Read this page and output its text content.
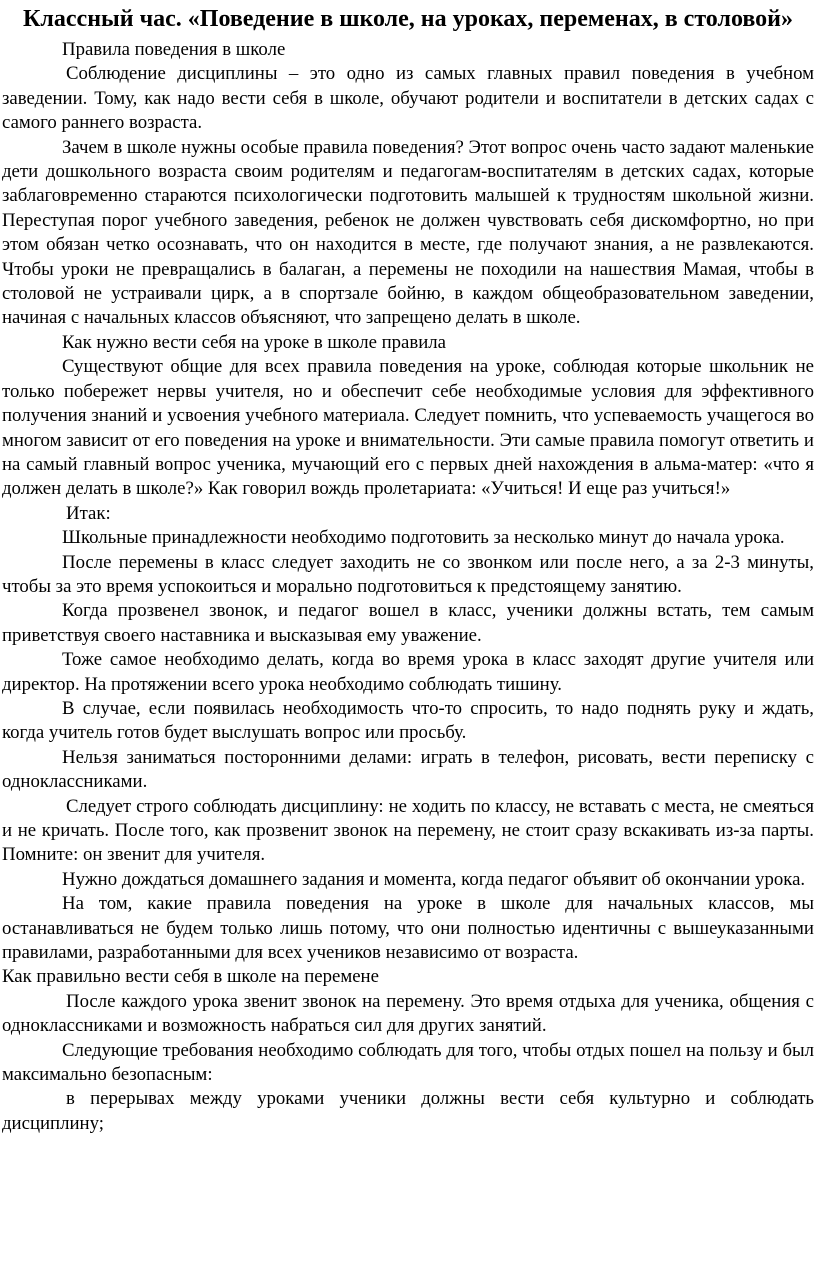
Классный час. «Поведение в школе, на уроках, переменах, в столовой»

Правила поведения в школе

Соблюдение дисциплины – это одно из самых главных правил поведения в учебном заведении. Тому, как надо вести себя в школе, обучают родители и воспитатели в детских садах с самого раннего возраста.

Зачем в школе нужны особые правила поведения? Этот вопрос очень часто задают маленькие дети дошкольного возраста своим родителям и педагогам-воспитателям в детских садах, которые заблаговременно стараются психологически подготовить малышей к трудностям школьной жизни. Переступая порог учебного заведения, ребенок не должен чувствовать себя дискомфортно, но при этом обязан четко осознавать, что он находится в месте, где получают знания, а не развлекаются. Чтобы уроки не превращались в балаган, а перемены не походили на нашествия Мамая, чтобы в столовой не устраивали цирк, а в спортзале бойню, в каждом общеобразовательном заведении, начиная с начальных классов объясняют, что запрещено делать в школе.

Как нужно вести себя на уроке в школе правила

Существуют общие для всех правила поведения на уроке, соблюдая которые школьник не только побережет нервы учителя, но и обеспечит себе необходимые условия для эффективного получения знаний и усвоения учебного материала. Следует помнить, что успеваемость учащегося во многом зависит от его поведения на уроке и внимательности. Эти самые правила помогут ответить и на самый главный вопрос ученика, мучающий его с первых дней нахождения в альма-матер: «что я должен делать в школе?» Как говорил вождь пролетариата: «Учиться! И еще раз учиться!»

Итак:

Школьные принадлежности необходимо подготовить за несколько минут до начала урока.

После перемены в класс следует заходить не со звонком или после него, а за 2-3 минуты, чтобы за это время успокоиться и морально подготовиться к предстоящему занятию.

Когда прозвенел звонок, и педагог вошел в класс, ученики должны встать, тем самым приветствуя своего наставника и высказывая ему уважение.

Тоже самое необходимо делать, когда во время урока в класс заходят другие учителя или директор. На протяжении всего урока необходимо соблюдать тишину.

В случае, если появилась необходимость что-то спросить, то надо поднять руку и ждать, когда учитель готов будет выслушать вопрос или просьбу.

Нельзя заниматься посторонними делами: играть в телефон, рисовать, вести переписку с одноклассниками.

Следует строго соблюдать дисциплину: не ходить по классу, не вставать с места, не смеяться и не кричать. После того, как прозвенит звонок на перемену, не стоит сразу вскакивать из-за парты. Помните: он звенит для учителя.

Нужно дождаться домашнего задания и момента, когда педагог объявит об окончании урока.

На том, какие правила поведения на уроке в школе для начальных классов, мы останавливаться не будем только лишь потому, что они полностью идентичны с вышеуказанными правилами, разработанными для всех учеников независимо от возраста.

Как правильно вести себя в школе на перемене

После каждого урока звенит звонок на перемену. Это время отдыха для ученика, общения с одноклассниками и возможность набраться сил для других занятий.

Следующие требования необходимо соблюдать для того, чтобы отдых пошел на пользу и был максимально безопасным:

в перерывах между уроками ученики должны вести себя культурно и соблюдать дисциплину;
